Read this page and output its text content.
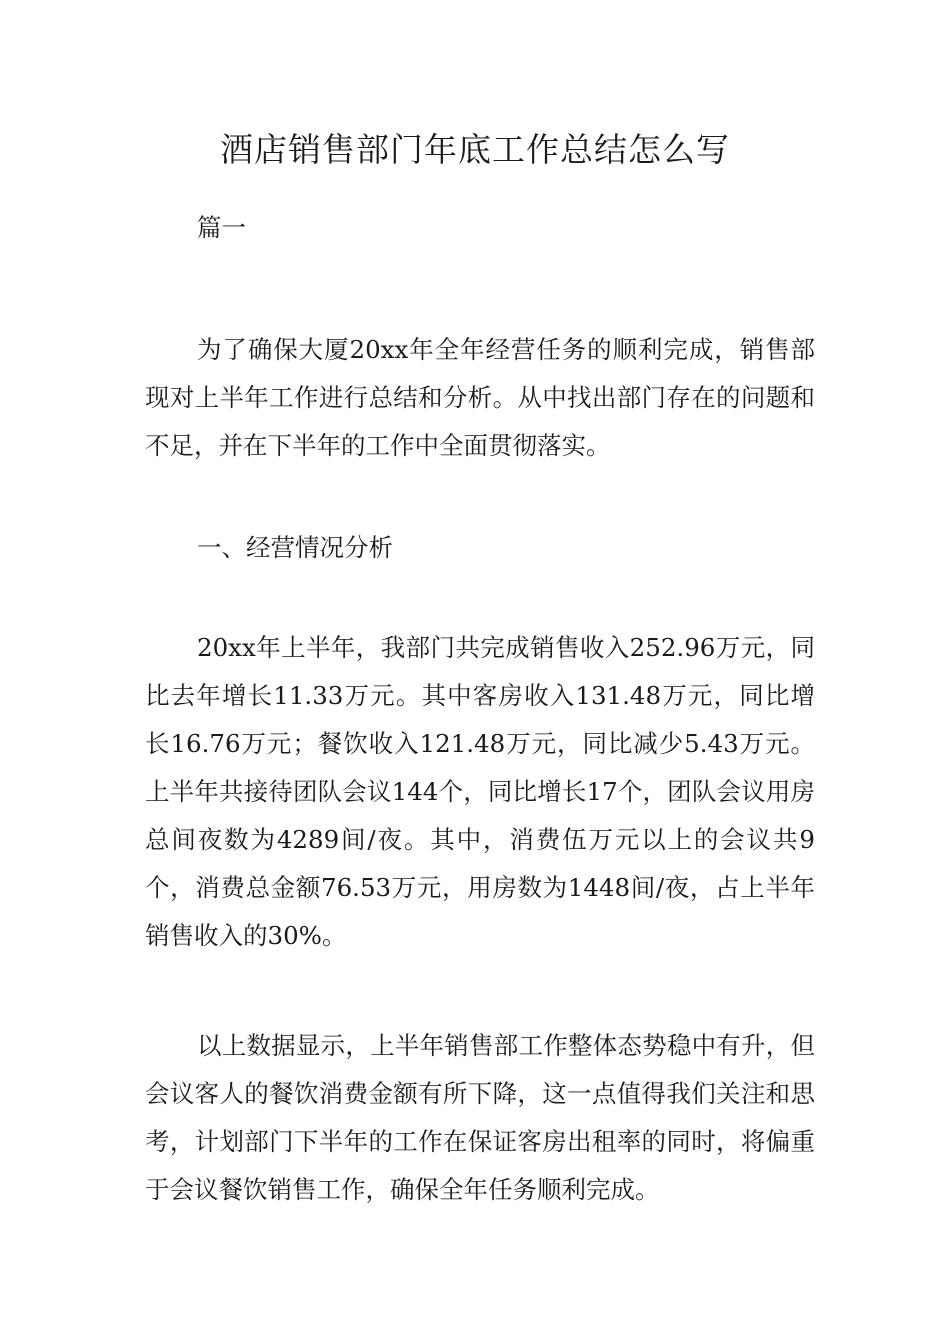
酒店销售部门年底工作总结怎么写

篇一

为了确保大厦20xx年全年经营任务的顺利完成，销售部现对上半年工作进行总结和分析。从中找出部门存在的问题和不足，并在下半年的工作中全面贯彻落实。

一、经营情况分析

20xx年上半年，我部门共完成销售收入252.96万元，同比去年增长11.33万元。其中客房收入131.48万元，同比增长16.76万元；餐饮收入121.48万元，同比减少5.43万元。上半年共接待团队会议144个，同比增长17个，团队会议用房总间夜数为4289间/夜。其中，消费伍万元以上的会议共9个，消费总金额76.53万元，用房数为1448间/夜，占上半年销售收入的30%。

以上数据显示，上半年销售部工作整体态势稳中有升，但会议客人的餐饮消费金额有所下降，这一点值得我们关注和思考，计划部门下半年的工作在保证客房出租率的同时，将偏重于会议餐饮销售工作，确保全年任务顺利完成。
